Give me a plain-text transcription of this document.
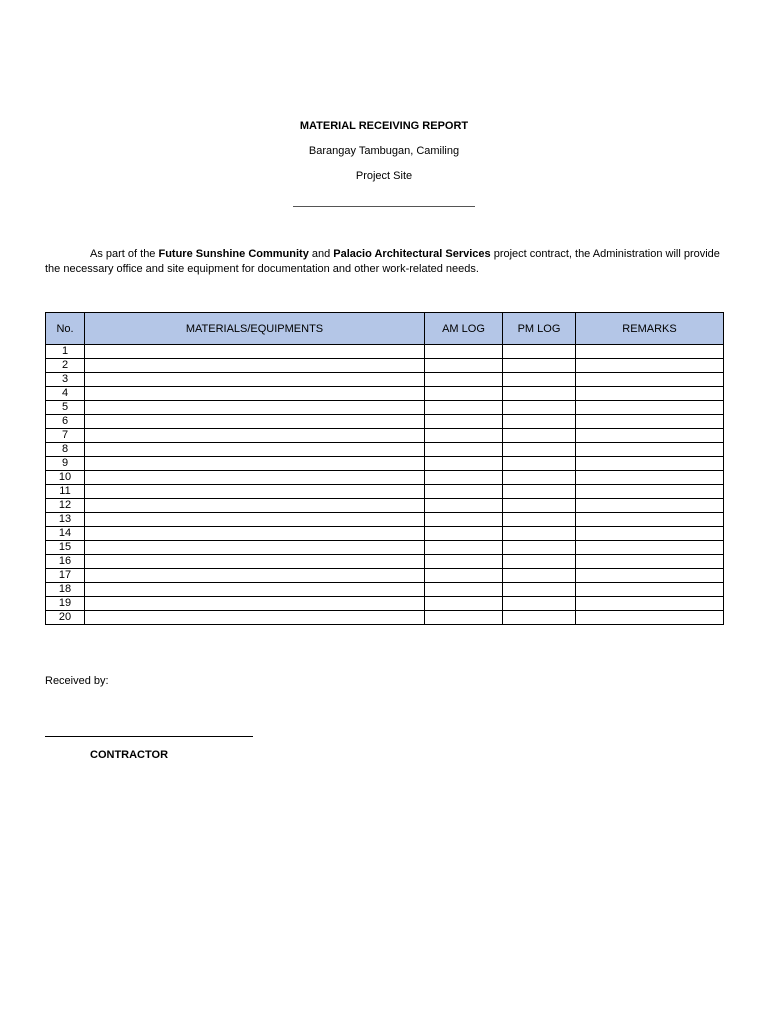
MATERIAL RECEIVING REPORT
Barangay Tambugan, Camiling
Project Site

As part of the Future Sunshine Community and Palacio Architectural Services project contract, the Administration will provide the necessary office and site equipment for documentation and other work-related needs.

No.	MATERIALS/EQUIPMENTS	AM LOG	PM LOG	REMARKS
1				
2				
3				
4				
5				
6				
7				
8				
9				
10				
11				
12				
13				
14				
15				
16				
17				
18				
19				
20				
Received by:
CONTRACTOR
